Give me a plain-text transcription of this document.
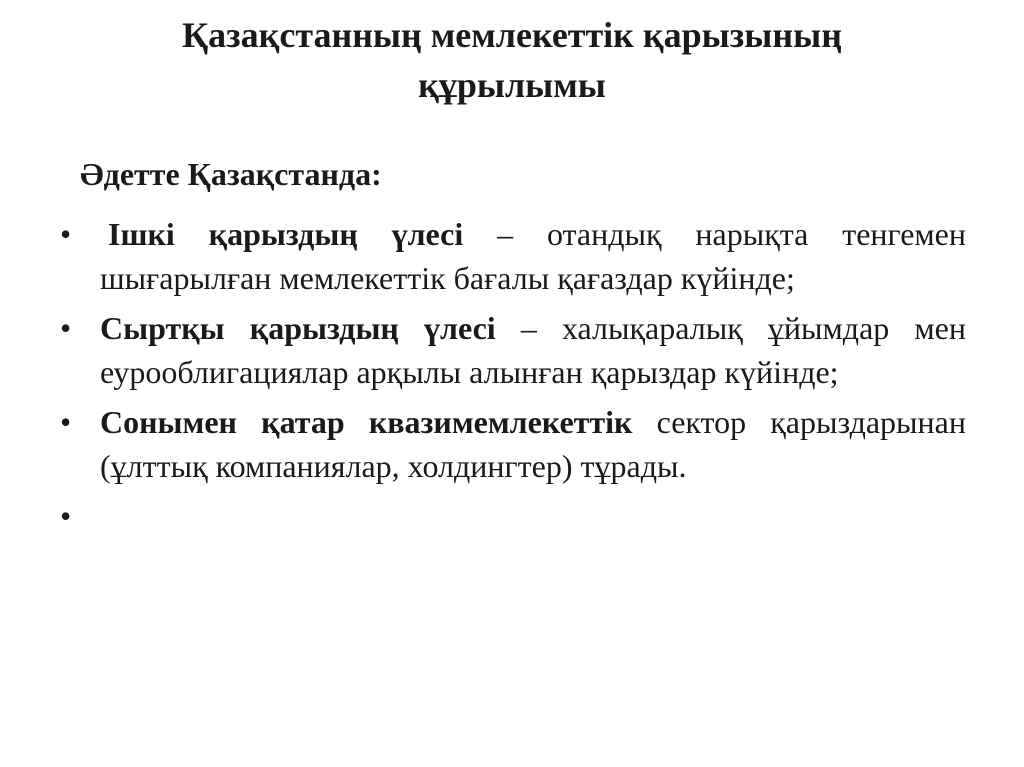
Қазақстанның мемлекеттік қарызының
құрылымы
Әдетте Қазақстанда:
•	Ішкі қарыздың үлесі – отандық нарықта тенгемен шығарылған мемлекеттік бағалы қағаздар күйінде;
• Сыртқы қарыздың үлесі – халықаралық ұйымдар мен еурооблигациялар арқылы алынған қарыздар күйінде;
• Сонымен қатар квазимемлекеттік сектор қарыздарынан (ұлттық компаниялар, холдингтер) тұрады.
•
